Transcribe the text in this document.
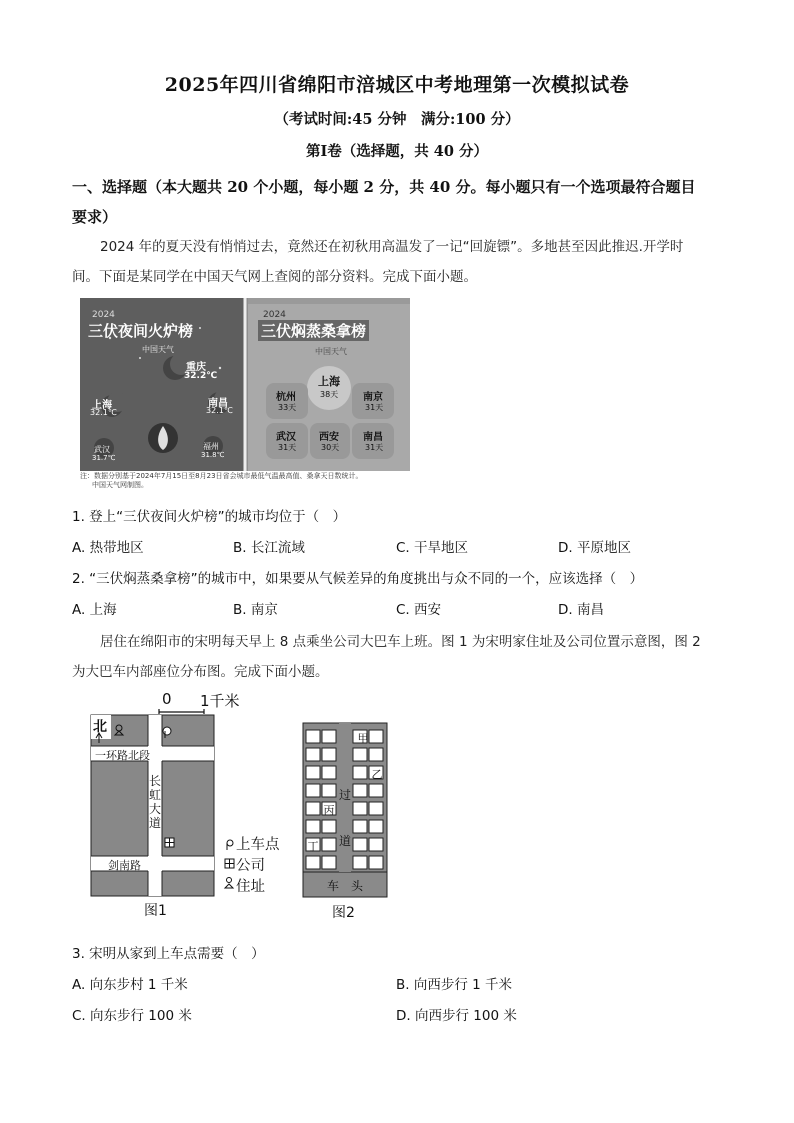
2025年四川省绵阳市涪城区中考地理第一次模拟试卷
（考试时间:45 分钟　满分:100 分）
第Ⅰ卷（选择题，共 40 分）
一、选择题（本大题共 20 个小题，每小题 2 分，共 40 分。每小题只有一个选项最符合题目
要求）
2024 年的夏天没有悄悄过去，竟然还在初秋用高温发了一记“回旋镖”。多地甚至因此推迟.开学时
间。下面是某同学在中国天气网上查阅的部分资料。完成下面小题。
2024
三伏夜间火炉榜
中国天气
重庆
32.2℃
上海
32.1℃
南昌
32.1℃
武汉
31.7℃
福州
31.8℃
2024
三伏焖蒸桑拿榜
中国天气
杭州
33天
上海
38天 南京
31天
武汉
31天
西安
30天
南昌
31天
注：数据分别基于2024年7月15日至8月23日省会城市最低气温最高值、桑拿天日数统计。
中国天气网制图。
1. 登上“三伏夜间火炉榜”的城市均位于（　）
A. 热带地区	B. 长江流域	C. 干旱地区	D. 平原地区
2. “三伏焖蒸桑拿榜”的城市中，如果要从气候差异的角度挑出与众不同的一个，应该选择（　）
A. 上海	B. 南京	C. 西安	D. 南昌
居住在绵阳市的宋明每天早上 8 点乘坐公司大巴车上班。图 1 为宋明家住址及公司位置示意图，图 2
为大巴车内部座位分布图。完成下面小题。
0 1千米
北
一环路北段
剑南路
长虹大道
上车点
公司
住址
图1
甲
乙
丙
丁
过道
车　头
图2
3. 宋明从家到上车点需要（　）
A. 向东步村 1 千米	B. 向西步行 1 千米
C. 向东步行 100 米	D. 向西步行 100 米
